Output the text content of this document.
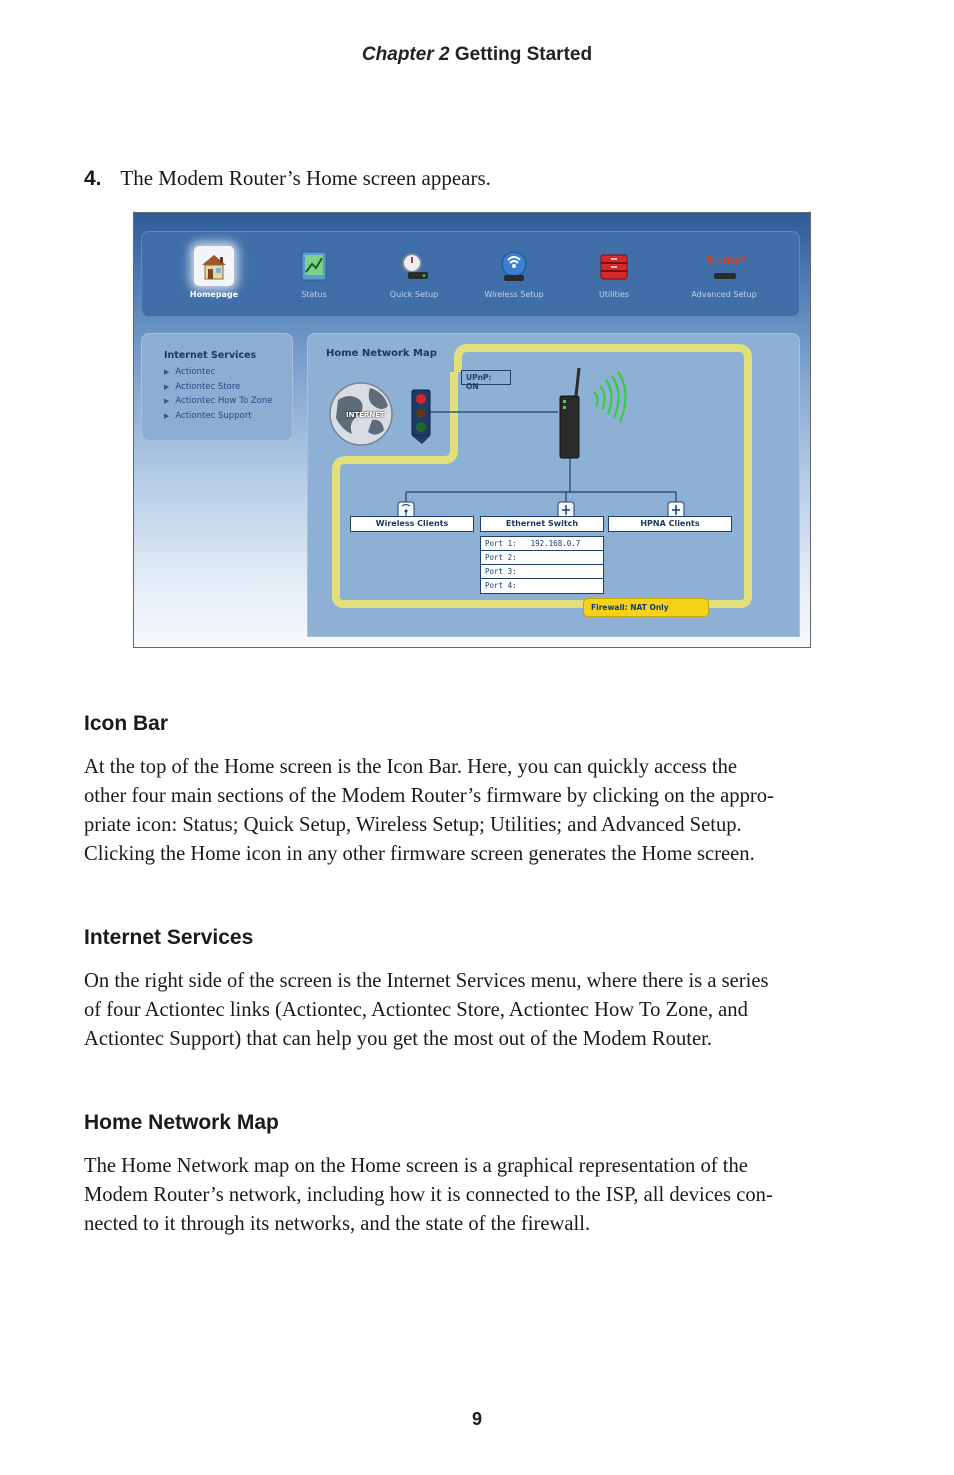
Chapter 2 Getting Started
4. The Modem Router’s Home screen appears.
Homepage	Status	Quick Setup	Wireless Setup	Utilities
E=mc²
Advanced Setup
Internet Services
▶ Actiontec
▶ Actiontec Store
▶ Actiontec How To Zone
▶ Actiontec Support
Home Network Map
INTERNET
UPnP: ON
Wireless Clients	Ethernet Switch	HPNA Clients
Port 1: 192.168.0.7
Port 2:
Port 3:
Port 4:
Firewall: NAT Only
Icon Bar
At the top of the Home screen is the Icon Bar. Here, you can quickly access the
other four main sections of the Modem Router’s firmware by clicking on the appro-
priate icon: Status; Quick Setup, Wireless Setup; Utilities; and Advanced Setup.
Clicking the Home icon in any other firmware screen generates the Home screen.
Internet Services
On the right side of the screen is the Internet Services menu, where there is a series
of four Actiontec links (Actiontec, Actiontec Store, Actiontec How To Zone, and
Actiontec Support) that can help you get the most out of the Modem Router.
Home Network Map
The Home Network map on the Home screen is a graphical representation of the
Modem Router’s network, including how it is connected to the ISP, all devices con-
nected to it through its networks, and the state of the firewall.
9
